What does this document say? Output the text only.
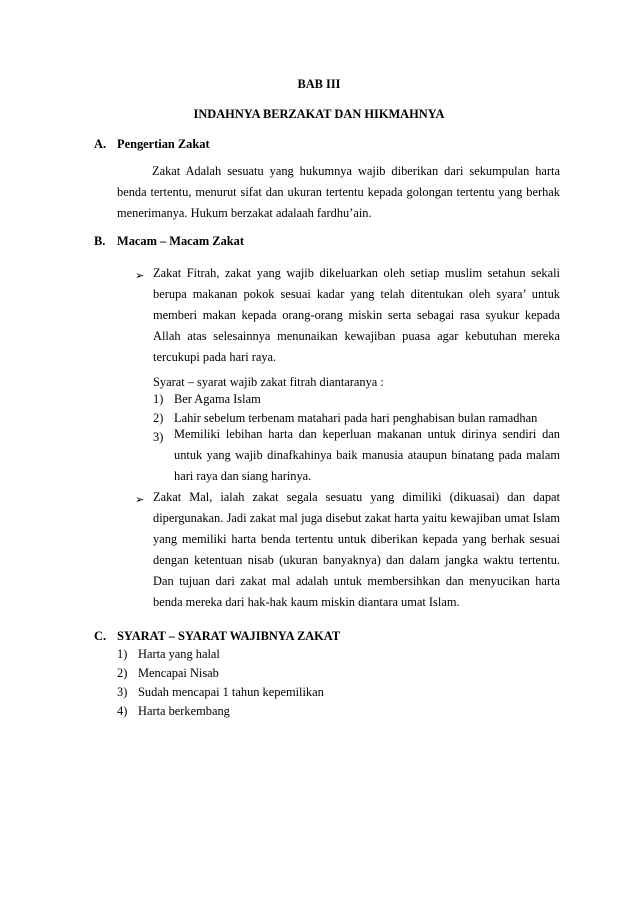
BAB III

INDAHNYA BERZAKAT DAN HIKMAHNYA

A. Pengertian Zakat

Zakat Adalah sesuatu yang hukumnya wajib diberikan dari sekumpulan harta benda tertentu, menurut sifat dan ukuran tertentu kepada golongan tertentu yang berhak menerimanya. Hukum berzakat adalaah fardhu’ain.

B. Macam – Macam Zakat
➢ Zakat Fitrah, zakat yang wajib dikeluarkan oleh setiap muslim setahun sekali berupa makanan pokok sesuai kadar yang telah ditentukan oleh syara’ untuk memberi makan kepada orang-orang miskin serta sebagai rasa syukur kepada Allah atas selesainnya menunaikan kewajiban puasa agar kebutuhan mereka tercukupi pada hari raya.

Syarat – syarat wajib zakat fitrah diantaranya :

1) Ber Agama Islam
2) Lahir sebelum terbenam matahari pada hari penghabisan bulan ramadhan
3) Memiliki lebihan harta dan keperluan makanan untuk dirinya sendiri dan untuk yang wajib dinafkahinya baik manusia ataupun binatang pada malam hari raya dan siang harinya.

➢ Zakat Mal, ialah zakat segala sesuatu yang dimiliki (dikuasai) dan dapat dipergunakan. Jadi zakat mal juga disebut zakat harta yaitu kewajiban umat Islam yang memiliki harta benda tertentu untuk diberikan kepada yang berhak sesuai dengan ketentuan nisab (ukuran banyaknya) dan dalam jangka waktu tertentu. Dan tujuan dari zakat mal adalah untuk membersihkan dan menyucikan harta benda mereka dari hak-hak kaum miskin diantara umat Islam.

C. SYARAT – SYARAT WAJIBNYA ZAKAT
1) Harta yang halal
2) Mencapai Nisab
3) Sudah mencapai 1 tahun kepemilikan
4) Harta berkembang
